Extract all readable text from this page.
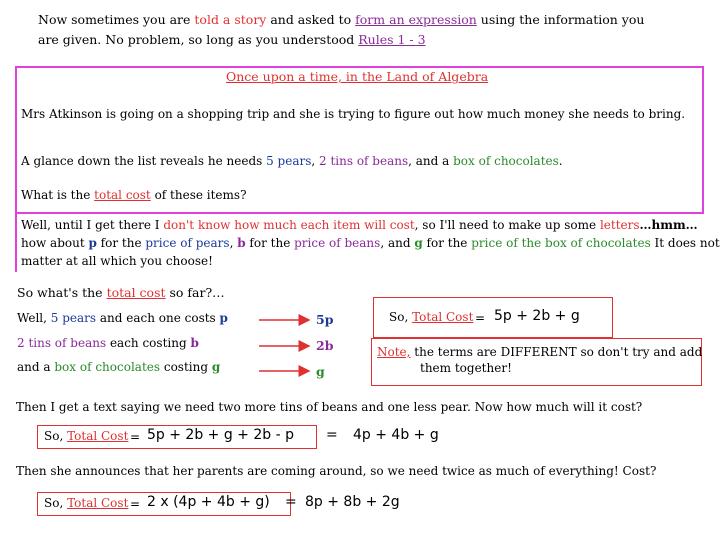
Now sometimes you are told a story and asked to form an expression using the information you
are given. No problem, so long as you understood Rules 1 - 3
Once upon a time, in the Land of Algebra
Mrs Atkinson is going on a shopping trip and she is trying to figure out how much money she needs to bring.
A glance down the list reveals he needs 5 pears, 2 tins of beans, and a box of chocolates.
What is the total cost of these items?
Well, until I get there I don't know how much each item will cost, so I'll need to make up some letters…hmm…
how about p for the price of pears, b for the price of beans, and g for the price of the box of chocolates It does not
matter at all which you choose!
So what's the total cost so far?…
Well, 5 pears and each one costs p
2 tins of beans each costing b
and a box of chocolates costing g
5p
2b
g
So, Total Cost = 5p + 2b + g
Note, the terms are DIFFERENT so don't try and add
them together!
Then I get a text saying we need two more tins of beans and one less pear. Now how much will it cost?
So, Total Cost = 5p + 2b + g + 2b - p = 4p + 4b + g
Then she announces that her parents are coming around, so we need twice as much of everything! Cost?
So, Total Cost = 2 x (4p + 4b + g) = 8p + 8b + 2g
